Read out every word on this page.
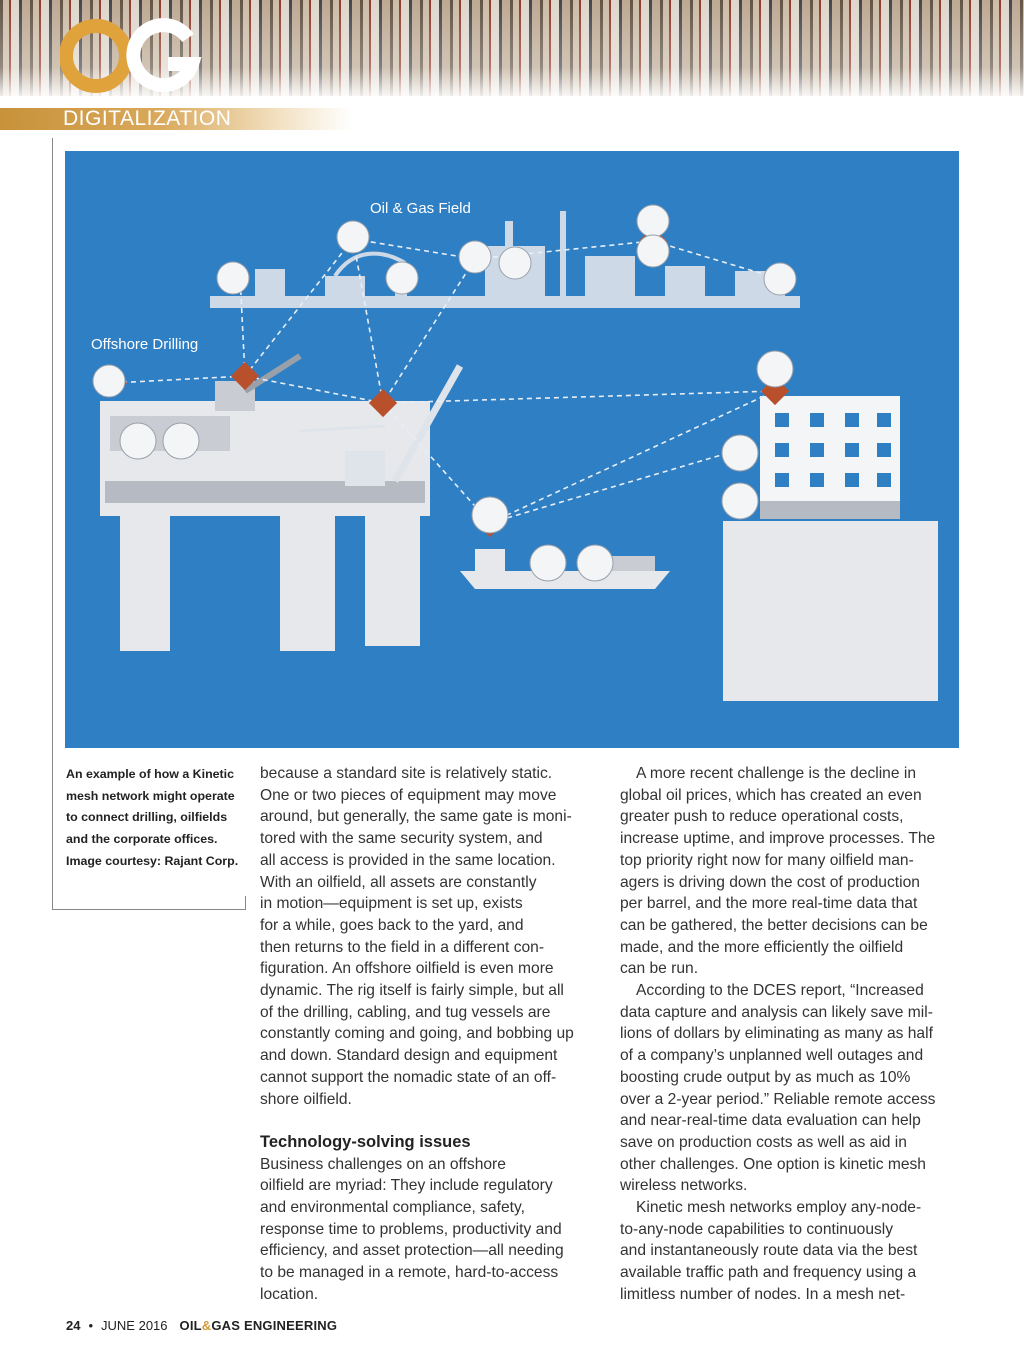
DIGITALIZATION
Oil & Gas Field
Offshore Drilling
An example of how a Kinetic mesh network might operate to connect drilling, oilfields and the corporate offices. Image courtesy: Rajant Corp.
because a standard site is relatively static.
One or two pieces of equipment may move
around, but generally, the same gate is moni-
tored with the same security system, and
all access is provided in the same location.
With an oilfield, all assets are constantly
in motion—equipment is set up, exists
for a while, goes back to the yard, and
then returns to the field in a different con-
figuration. An offshore oilfield is even more
dynamic. The rig itself is fairly simple, but all
of the drilling, cabling, and tug vessels are
constantly coming and going, and bobbing up
and down. Standard design and equipment
cannot support the nomadic state of an off-
shore oilfield.

Technology-solving issues

Business challenges on an offshore
oilfield are myriad: They include regulatory
and environmental compliance, safety,
response time to problems, productivity and
efficiency, and asset protection—all needing
to be managed in a remote, hard-to-access
location.
A more recent challenge is the decline in
global oil prices, which has created an even
greater push to reduce operational costs,
increase uptime, and improve processes. The
top priority right now for many oilfield man-
agers is driving down the cost of production
per barrel, and the more real-time data that
can be gathered, the better decisions can be
made, and the more efficiently the oilfield
can be run.
According to the DCES report, “Increased
data capture and analysis can likely save mil-
lions of dollars by eliminating as many as half
of a company’s unplanned well outages and
boosting crude output by as much as 10%
over a 2-year period.” Reliable remote access
and near-real-time data evaluation can help
save on production costs as well as aid in
other challenges. One option is kinetic mesh
wireless networks.
Kinetic mesh networks employ any-node-
to-any-node capabilities to continuously
and instantaneously route data via the best
available traffic path and frequency using a
limitless number of nodes. In a mesh net-
24 • JUNE 2016 OIL&GAS ENGINEERING
